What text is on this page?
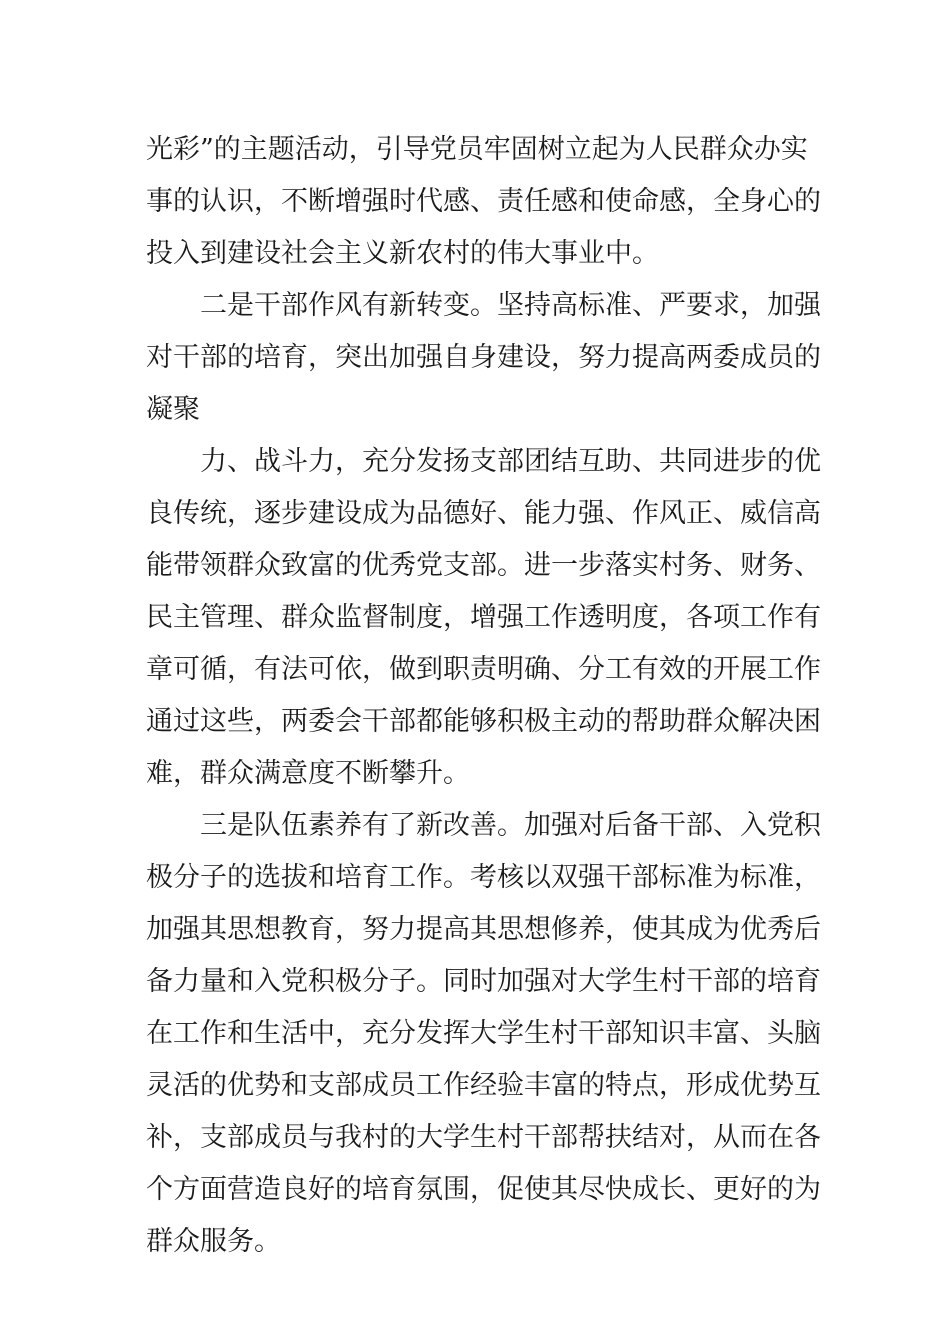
光彩”的主题活动，引导党员牢固树立起为人民群众办实
事的认识，不断增强时代感、责任感和使命感，全身心的
投入到建设社会主义新农村的伟大事业中。
二是干部作风有新转变。坚持高标准、严要求，加强
对干部的培育，突出加强自身建设，努力提高两委成员的
凝聚
力、战斗力，充分发扬支部团结互助、共同进步的优
良传统，逐步建设成为品德好、能力强、作风正、威信高
能带领群众致富的优秀党支部。进一步落实村务、财务、
民主管理、群众监督制度，增强工作透明度，各项工作有
章可循，有法可依，做到职责明确、分工有效的开展工作
通过这些，两委会干部都能够积极主动的帮助群众解决困
难，群众满意度不断攀升。
三是队伍素养有了新改善。加强对后备干部、入党积
极分子的选拔和培育工作。考核以双强干部标准为标准，
加强其思想教育，努力提高其思想修养，使其成为优秀后
备力量和入党积极分子。同时加强对大学生村干部的培育
在工作和生活中，充分发挥大学生村干部知识丰富、头脑
灵活的优势和支部成员工作经验丰富的特点，形成优势互
补，支部成员与我村的大学生村干部帮扶结对，从而在各
个方面营造良好的培育氛围，促使其尽快成长、更好的为
群众服务。
